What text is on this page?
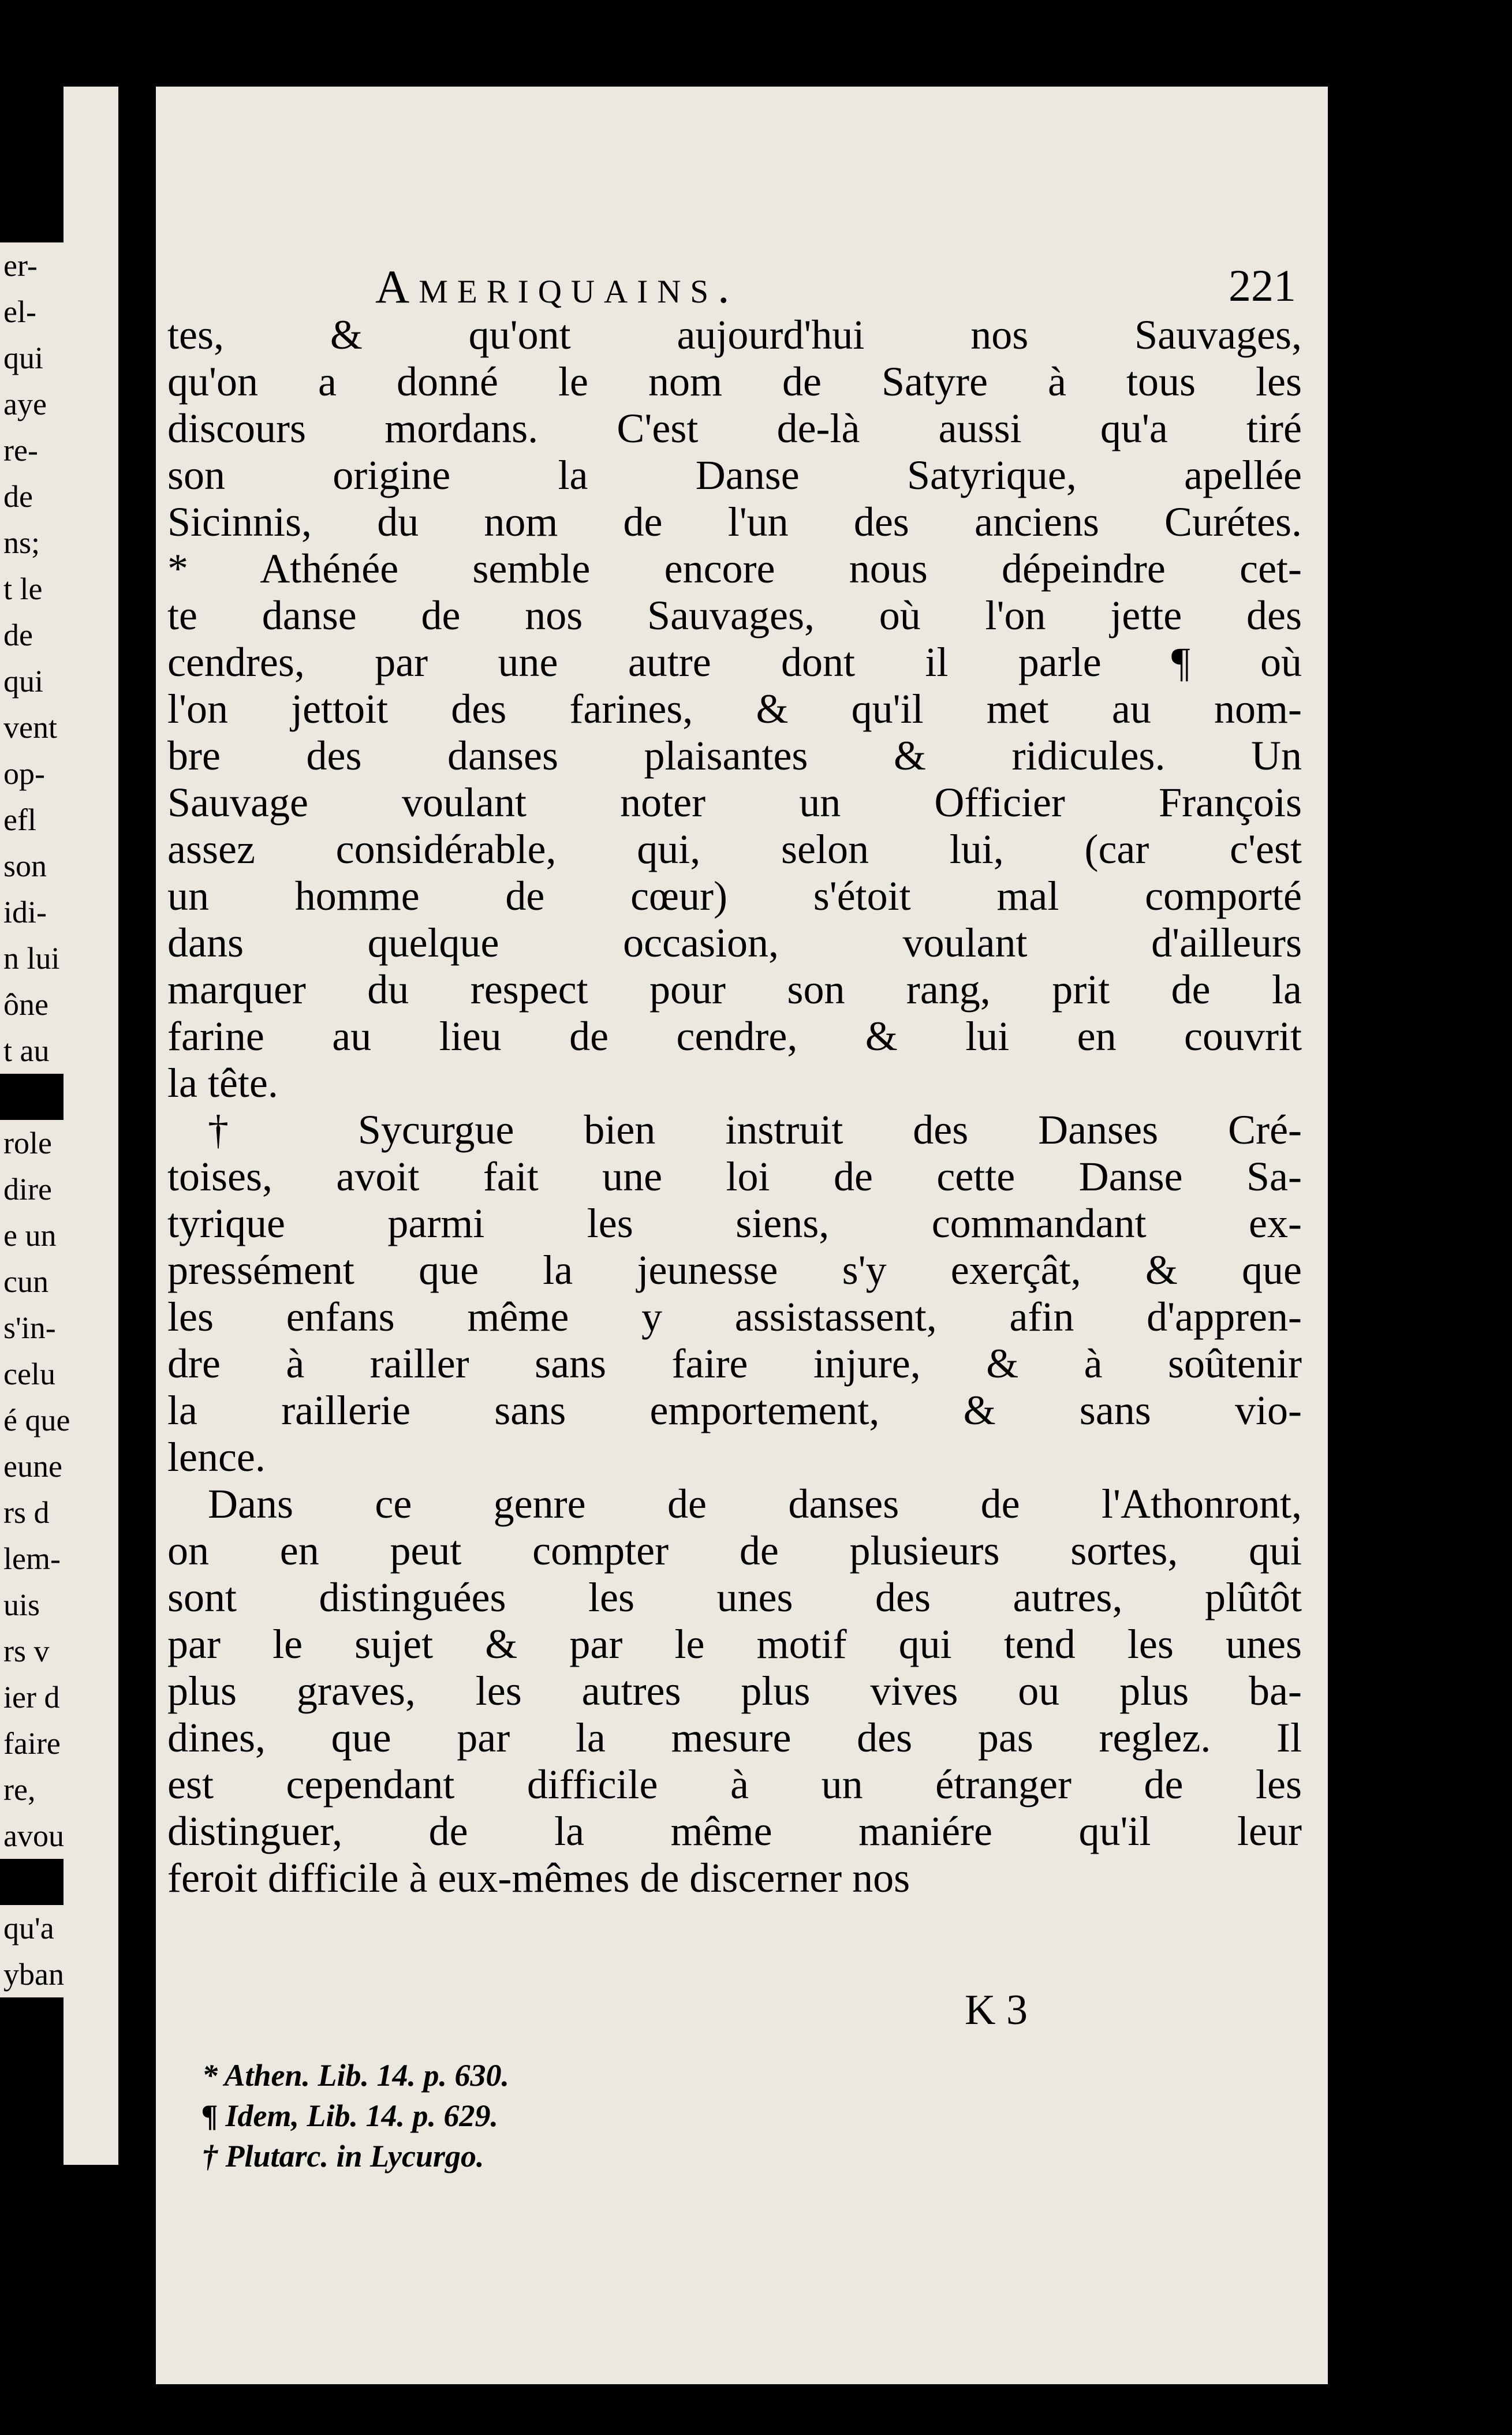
er-
el-
qui
aye
re-
de
ns;
t le
de
qui
vent
op-
efl
son
idi-
n lui
ône
t au
role
dire
e un
cun
s'in-
celu
é que
eune
rs d
lem-
uis
rs v
ier d
faire
re,
avou
qu'a
yban
Ameriquains.	221
tes, & qu'ont aujourd'hui nos Sauvages,
qu'on a donné le nom de Satyre à tous les
discours mordans. C'est de-là aussi qu'a tiré
son origine la Danse Satyrique, apellée
Sicinnis, du nom de l'un des anciens Curétes.
* Athénée semble encore nous dépeindre cet-
te danse de nos Sauvages, où l'on jette des
cendres, par une autre dont il parle ¶ où
l'on jettoit des farines, & qu'il met au nom-
bre des danses plaisantes & ridicules. Un
Sauvage voulant noter un Officier François
assez considérable, qui, selon lui, (car c'est
un homme de cœur) s'étoit mal comporté
dans quelque occasion, voulant d'ailleurs
marquer du respect pour son rang, prit de la
farine au lieu de cendre, & lui en couvrit
la tête.
† Sycurgue bien instruit des Danses Cré-
toises, avoit fait une loi de cette Danse Sa-
tyrique parmi les siens, commandant ex-
pressément que la jeunesse s'y exerçât, & que
les enfans même y assistassent, afin d'appren-
dre à railler sans faire injure, & à soûtenir
la raillerie sans emportement, & sans vio-
lence.
Dans ce genre de danses de l'Athonront,
on en peut compter de plusieurs sortes, qui
sont distinguées les unes des autres, plûtôt
par le sujet & par le motif qui tend les unes
plus graves, les autres plus vives ou plus ba-
dines, que par la mesure des pas reglez. Il
est cependant difficile à un étranger de les
distinguer, de la même maniére qu'il leur
feroit difficile à eux-mêmes de discerner nos
K 3
* Athen. Lib. 14. p. 630.
¶ Idem, Lib. 14. p. 629.
† Plutarc. in Lycurgo.
